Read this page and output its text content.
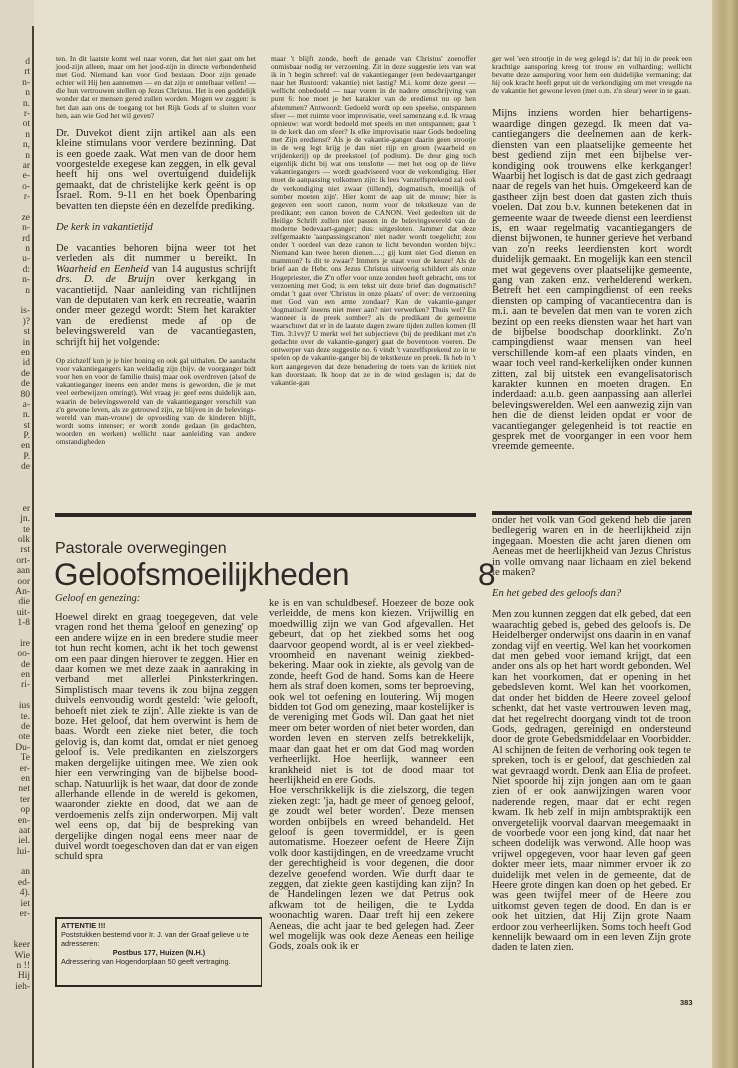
d
rt
n-
n
n.
r-
ot
n
n,
n
ar
e-
o-
r-
ze
n-
rd
n
u-
d:
n-
n
is-
)?
st
in
en
id
de
de
80
a-
n.
st
P.
en
P.
de
er
jn.
te
olk
rst
ort-
aan
oor
An-
die
uit-
1-8
ire
oo-
de
en
ri-
ius
te.
de
ote
Du-
Te
er-
en
net
ter
op
en-
aat
iel.
lui-
an
ed-
4).
iet
er-
keer
Wie
n !!
Hij
ieh-

ten. In dit laatste komt wel naar voren, dat het niet gaat om het jood-zijn alleen, maar om het jood-zijn in directe verbondenheid met God. Niemand kan voor God bestaan. Door zijn genade echter wil Hij hen aannemen — en dat zijn er ontelbaar vellen! — die hun vertrouwen stellen op Jezus Christus. Het is een goddelijk wonder dat er mensen gered zullen worden. Mogen we zeggen: is het dan aan ons de toegang tot het Rijk Gods af te sluiten voor hen, aan wie God het wil geven?

Dr. Duvekot dient zijn artikel aan als een kleine stimulans voor verdere bezinning. Dat is een goede zaak. Wat men van de door hem voorgestelde exegese kan zeggen, in elk geval heeft hij ons wel overtuigend duidelijk gemaakt, dat de christelijke kerk geënt is op Israel. Rom. 9-11 en het boek Openbaring bevatten ten diepste één en dezelfde prediking.

De kerk in vakantietijd

De vacanties behoren bijna weer tot het verleden als dit nummer u bereikt. In Waarheid en Eenheid van 14 augustus schrijft drs. D. de Bruijn over kerkgang in vacantietijd. Naar aanleiding van richtlijnen van de deputaten van kerk en recreatie, waarin onder meer gezegd wordt: Stem het karakter van de eredienst mede af op de belevingswereld van de vacantiegasten, schrijft hij het volgende:

Op zichzelf kun je je hier honing en ook gal uithalen. De aandacht voor vakantiegangers kan weldadig zijn (bijv. de voorganger bidt voor hen en voor de familie thuis) maar ook overdreven (alsof de vakantieganger ineens een ander mens is geworden, die je met veel eerbewijzen omringt). Wel vraag je: geef eens duidelijk aan, waarin de belevingswereld van de vakantieganger verschilt van z'n gewone leven, als ze getrouwd zijn, ze blijven in de belevingswereld van man-vrouw) de opvoeding van de kinderen blijft, wordt soms intenser; er wordt zonde gedaan (in gedachten, woorden en werken) wellicht naar aanleiding van andere omstandigheden

maar 't blijft zonde, heeft de genade van Christus' zoenoffer onmisbaar nodig ter verzoening. Zit in deze suggestie iets van wat ik in 't begin schreef: val de vakantieganger (een bedevaartganger naar het Rustoord: vakantie) niet lastig? M.i. komt deze geest — wellicht onbedoeld — naar voren in de nadere omschrijving van punt 6: hoe moet je het karakter van de eredienst nu op hen afstemmen? Antwoord: Gedoeld wordt op een speelse, ontspannen sfeer — met ruimte voor improvisatie, veel samenzang e.d. Ik vraag opnieuw: wat wordt bedoeld met speels en met ontspannen; gaat 't in de kerk dan om sfeer? Is elke improvisatie naar Gods bedoeling met Zijn eredienst? Als je de vakantie-ganger daarin geen strootje in de weg legt krijg je dan niet rijp en groen (waarheid en vrijdenkerij) op de preekstoel (of podium). De deur ging toch eigenlijk dicht bij wat ons tenslotte — met het oog op de lieve vakantiegangers — wordt geadviseerd voor de verkondiging. Hier moet de aanpassing volkomen zijn: ik lees 'vanzelfsprekend zal ook de verkondiging niet zwaar (tillend), dogmatisch, moeilijk of somber moeten zijn'. Hier komt de aap uit de mouw; hier is gegeven een soort canon, norm voor de tekstkeuze van de predikant; een canon boven de CANON. Veel gedeelten uit de Heilige Schrift zullen niet passen in de belevingswereld van de moderne bedevaart-ganger; dus: uitgesloten. Jammer dat deze zelfgemaakte 'aanpassingscanon' niet nader wordt toegelicht; zou onder 't oordeel van deze canon te licht bevonden worden bijv.: Niemand kan twee heren dienen.....; gij kunt niet God dienen en mammon? Is dit te zwaar? Immers je staat voor de keuze! Als de brief aan de Hebr. ons Jezus Christus uitvoerig schildert als onze Hogepriester, die Z'n offer voor onze zonden heeft gebracht, ons tot verzoening met God; is een tekst uit deze brief dan dogmatisch? omdat 't gaat over 'Christus in onze plaats' of over: de verzoening met God van een arme zondaar? Kan de vakantie-ganger 'dogmatisch' ineens niet meer aan? niet verwerken? Thuis wel? En wanneer is de preek somber? als de predikant de gemeente waarschuwt dat er in de laatste dagen zware tijden zullen komen (II Tim. 3:1vv)? U merkt wel het subjectieve (bij de predikant met z'n gedachte over de vakantie-ganger) gaat de boventoon voeren. De ontwerper van deze suggestie no. 6 vindt 't vanzelfsprekend zo in te spelen op de vakantie-ganger bij de tekstkeuze en preek. Ik heb in 't kort aangegeven dat deze benadering de toets van de kritiek niet kan doorstaan. Ik hoop dat ze in de wind geslagen is; dat de vakantie-gan

ger wel 'een strootje in de weg gelegd is'; dat hij in de preek een krachtige aansporing kreeg tot trouw en volharding; wellicht bevatte deze aansporing voor hem een duidelijke vermaning; dat hij ook kracht heeft geput uit de verkondiging om met vreugde na de vakantie het gewone leven (met o.m. z'n sleur) weer in te gaan.

Mijns inziens worden hier behartigenswaardige dingen gezegd. Ik meen dat vacantiegangers die deelnemen aan de kerkdiensten van een plaatselijke gemeente het best gediend zijn met een bijbelse verkondiging ook trouwens elke kerkganger! Waarbij het logisch is dat de gast zich gedraagt naar de regels van het huis. Omgekeerd kan de gastheer zijn best doen dat gasten zich thuis voelen. Dat zou b.v. kunnen betekenen dat in gemeente waar de tweede dienst een leerdienst is, en waar regelmatig vacantiegangers de dienst bijwonen, te hunner gerieve het verband van zo'n reeks leerdiensten kort wordt duidelijk gemaakt. En mogelijk kan een stencil met wat gegevens over plaatselijke gemeente, gang van zaken enz. verhelderend werken. Betreft het een campingdienst of een reeks diensten op camping of vacantiecentra dan is m.i. aan te bevelen dat men van te voren zich bezint op een reeks diensten waar het hart van de bijbelse boodschap doorklinkt. Zo'n campingdienst waar mensen van heel verschillende kom-af een plaats vinden, en waar toch veel rand-kerkelijken onder kunnen zitten, zal bij uitstek een evangelisatorisch karakter kunnen en moeten dragen. En inderdaad: a.u.b. geen aanpassing aan allerlei belevingswerelden. Wel een aanwezig zijn van hen die de dienst leiden opdat er voor de vacantieganger gelegenheid is tot reactie en gesprek met de voorganger in een voor hem vreemde gemeente.

Pastorale overwegingen
Geloofsmoeilijkheden	8
Geloof en genezing:

Hoewel direkt en graag toegegeven, dat vele vragen rond het thema 'geloof en genezing' op een andere wijze en in een bredere studie meer tot hun recht komen, acht ik het toch gewenst om een paar dingen hierover te zeggen. Hier en daar komen we met deze zaak in aanraking in verband met allerlei Pinksterkringen. Simplistisch maar tevens ik zou bijna zeggen duivels eenvoudig wordt gesteld: 'wie gelooft, behoeft niet ziek te zijn'. Alle ziekte is van de boze. Het geloof, dat hem overwint is hem de baas. Wordt een zieke niet beter, die toch gelovig is, dan komt dat, omdat er niet genoeg geloof is. Vele predikanten en zielszorgers maken dergelijke uitingen mee. We zien ook hier een verwringing van de bijbelse boodschap. Natuurlijk is het waar, dat door de zonde allerhande ellende in de wereld is gekomen, waaronder ziekte en dood, dat we aan de verdoemenis zelfs zijn onderworpen. Mij valt wel eens op, dat bij de bespreking van dergelijke dingen nogal eens meer naar de duivel wordt toegeschoven dan dat er van eigen schuld spra

ke is en van schuldbesef. Hoezeer de boze ook verleidde, de mens kon kiezen. Vrijwillig en moedwillig zijn we van God afgevallen. Het gebeurt, dat op het ziekbed soms het oog daarvoor geopend wordt, al is er veel ziekbed-vroomheid en navenant weinig ziekbed-bekering. Maar ook in ziekte, als gevolg van de zonde, heeft God de hand. Soms kan de Heere hem als straf doen komen, soms ter beproeving, ook wel tot oefening en loutering. Wij mogen bidden tot God om genezing, maar kostelijker is de vereniging met Gods wil. Dan gaat het niet meer om beter worden of niet beter worden, dan worden leven en sterven zelfs betrekkelijk, maar dan gaat het er om dat God mag worden verheerlijkt. Hoe heerlijk, wanneer een krankheid niet is tot de dood maar tot heerlijkheid en ere Gods.

Hoe verschrikkelijk is die zielszorg, die tegen zieken zegt: 'ja, hadt ge meer of genoeg geloof, ge zoudt wel beter worden'. Deze mensen worden onbijbels en wreed behandeld. Het geloof is geen tovermiddel, er is geen automatisme. Hoezeer oefent de Heere Zijn volk door kastijdingen, en de vreedzame vrucht der gerechtigheid is voor degenen, die door dezelve geoefend worden. Wie durft daar te zeggen, dat ziekte geen kastijding kan zijn? In de Handelingen lezen we dat Petrus ook afkwam tot de heiligen, die te Lydda woonachtig waren. Daar treft hij een zekere Aeneas, die acht jaar te bed gelegen had. Zeer wel mogelijk was ook deze Aeneas een heilige Gods, zoals ook ik er

onder het volk van God gekend heb die jaren bedlegerig waren en in de heerlijkheid zijn ingegaan. Moesten die acht jaren dienen om Aeneas met de heerlijkheid van Jezus Christus in volle omvang naar lichaam en ziel bekend te maken?

En het gebed des geloofs dan?

Men zou kunnen zeggen dat elk gebed, dat een waarachtig gebed is, gebed des geloofs is. De Heidelberger onderwijst ons daarin in en vanaf zondag vijf en veertig. Wel kan het voorkomen dat men gebed voor iemand krijgt, dat een ander ons als op het hart wordt gebonden. Wel kan het voorkomen, dat er opening in het gebedsleven komt. Wel kan het voorkomen, dat onder het bidden de Heere zoveel geloof schenkt, dat het vaste vertrouwen leven mag, dat het regelrecht doorgang vindt tot de troon Gods, gedragen, gereinigd en ondersteund door de grote Gebedsmiddelaar en Voorbidder. Al schijnen de feiten de verhoring ook tegen te spreken, toch is er geloof, dat geschieden zal wat gevraagd wordt. Denk aan Elia de profeet. Niet spoorde hij zijn jongen aan om te gaan zien of er ook aanwijzingen waren voor naderende regen, maar dat er echt regen kwam. Ik heb zelf in mijn ambtspraktijk een onvergetelijk voorval daarvan meegemaakt in de voorbede voor een jong kind, dat naar het scheen dodelijk was verwond. Alle hoop was vrijwel opgegeven, voor haar leven gaf geen dokter meer iets, maar nimmer ervoer ik zo duidelijk met velen in de gemeente, dat de Heere grote dingen kan doen op het gebed. Er was geen twijfel meer of de Heere zou uitkomst geven tegen de dood. En dan is er ook het uitzien, dat Hij Zijn grote Naam erdoor zou verheerlijken. Soms toch heeft God kennelijk bewaard om in een leven Zijn grote daden te laten zien.

ATTENTIE !!!
Poststukken bestemd voor Ir. J. van der Graaf gelieve u te adresseren:
Postbus 177, Huizen (N.H.)
Adressering van Hogendorplaan 50 geeft vertraging.
383
